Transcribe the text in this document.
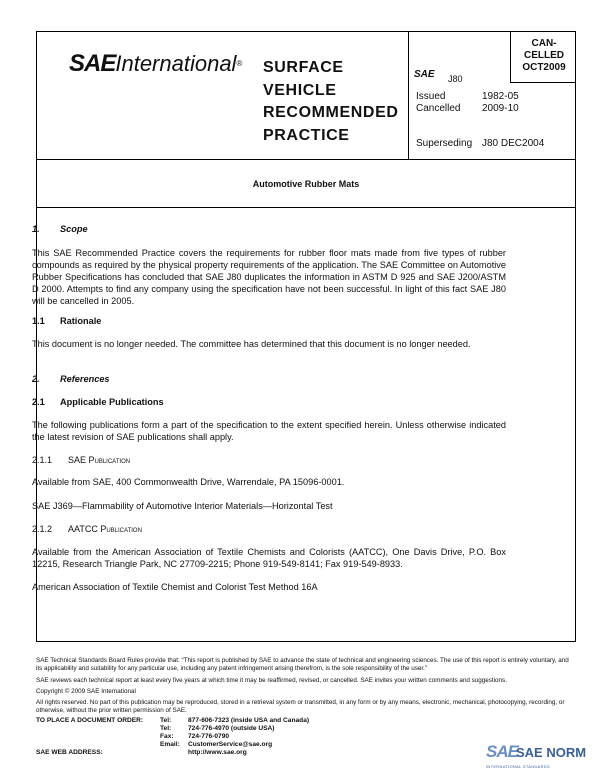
SAEInternational® SURFACE
VEHICLE
RECOMMENDED
PRACTICE
SAE J80
CAN-
CELLED
OCT2009
Issued	1982-05
Cancelled 2009-10
Superseding J80 DEC2004
Automotive Rubber Mats
1. Scope
This SAE Recommended Practice covers the requirements for rubber floor mats made from five types of rubber compounds as required by the physical property requirements of the application. The SAE Committee on Automotive Rubber Specifications has concluded that SAE J80 duplicates the information in ASTM D 925 and SAE J200/ASTM D 2000. Attempts to find any company using the specification have not been successful. In light of this fact SAE J80 will be cancelled in 2005.
1.1 Rationale
This document is no longer needed. The committee has determined that this document is no longer needed.
2. References
2.1 Applicable Publications
The following publications form a part of the specification to the extent specified herein. Unless otherwise indicated the latest revision of SAE publications shall apply.
2.1.1 SAE Publication
Available from SAE, 400 Commonwealth Drive, Warrendale, PA 15096-0001.
SAE J369—Flammability of Automotive Interior Materials—Horizontal Test
2.1.2 AATCC Publication
Available from the American Association of Textile Chemists and Colorists (AATCC), One Davis Drive, P.O. Box 12215, Research Triangle Park, NC 27709-2215; Phone 919-549-8141; Fax 919-549-8933.
American Association of Textile Chemist and Colorist Test Method 16A

SAE Technical Standards Board Rules provide that: “This report is published by SAE to advance the state of technical and engineering sciences. The use of this report is entirely voluntary, and its applicability and suitability for any particular use, including any patent infringement arising therefrom, is the sole responsibility of the user.”

SAE reviews each technical report at least every five years at which time it may be reaffirmed, revised, or cancelled. SAE invites your written comments and suggestions.

Copyright © 2009 SAE International

All rights reserved. No part of this publication may be reproduced, stored in a retrieval system or transmitted, in any form or by any means, electronic, mechanical, photocopying, recording, or otherwise, without the prior written permission of SAE.

TO PLACE A DOCUMENT ORDER:	Tel:	877-606-7323 (inside USA and Canada)
Tel:	724-776-4970 (outside USA)
Fax: 724-776-0790
Email: CustomerService@sae.org
SAE WEB ADDRESS:	http://www.sae.org	SAE
SAE NORM
INTERNATIONAL STANDARDS
